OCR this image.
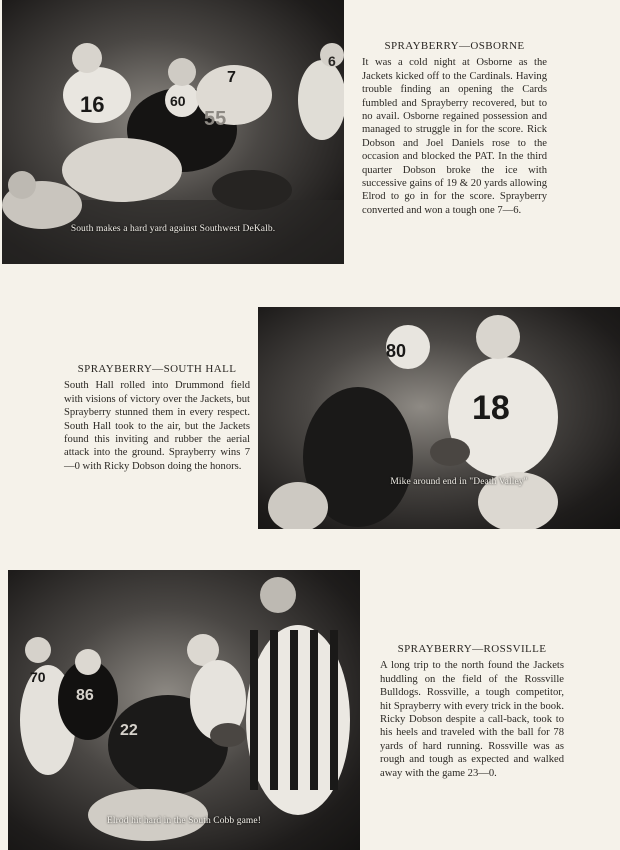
16	60
7
55
6
South makes a hard yard against Southwest DeKalb.
SPRAYBERRY—OSBORNE

It was a cold night at Osborne as the Jackets kicked off to the Cardinals. Having trouble finding an opening the Cards fumbled and Sprayberry recovered, but to no avail. Osborne regained possession and managed to struggle in for the score. Rick Dobson and Joel Daniels rose to the occasion and blocked the PAT. In the third quarter Dobson broke the ice with successive gains of 19 & 20 yards allowing Elrod to go in for the score. Sprayberry converted and won a tough one 7—6.

SPRAYBERRY—SOUTH HALL

South Hall rolled into Drummond field with visions of victory over the Jackets, but Sprayberry stunned them in every respect. South Hall took to the air, but the Jackets found this inviting and rubber the aerial attack into the ground. Sprayberry wins 7—0 with Ricky Dobson doing the honors.

80
18
Mike around end in "Death Valley"
70
86
22
Elrod hit hard in the South Cobb game!
SPRAYBERRY—ROSSVILLE

A long trip to the north found the Jackets huddling on the field of the Rossville Bulldogs. Rossville, a tough competitor, hit Sprayberry with every trick in the book. Ricky Dobson despite a call-back, took to his heels and traveled with the ball for 78 yards of hard running. Rossville was as rough and tough as expected and walked away with the game 23—0.
